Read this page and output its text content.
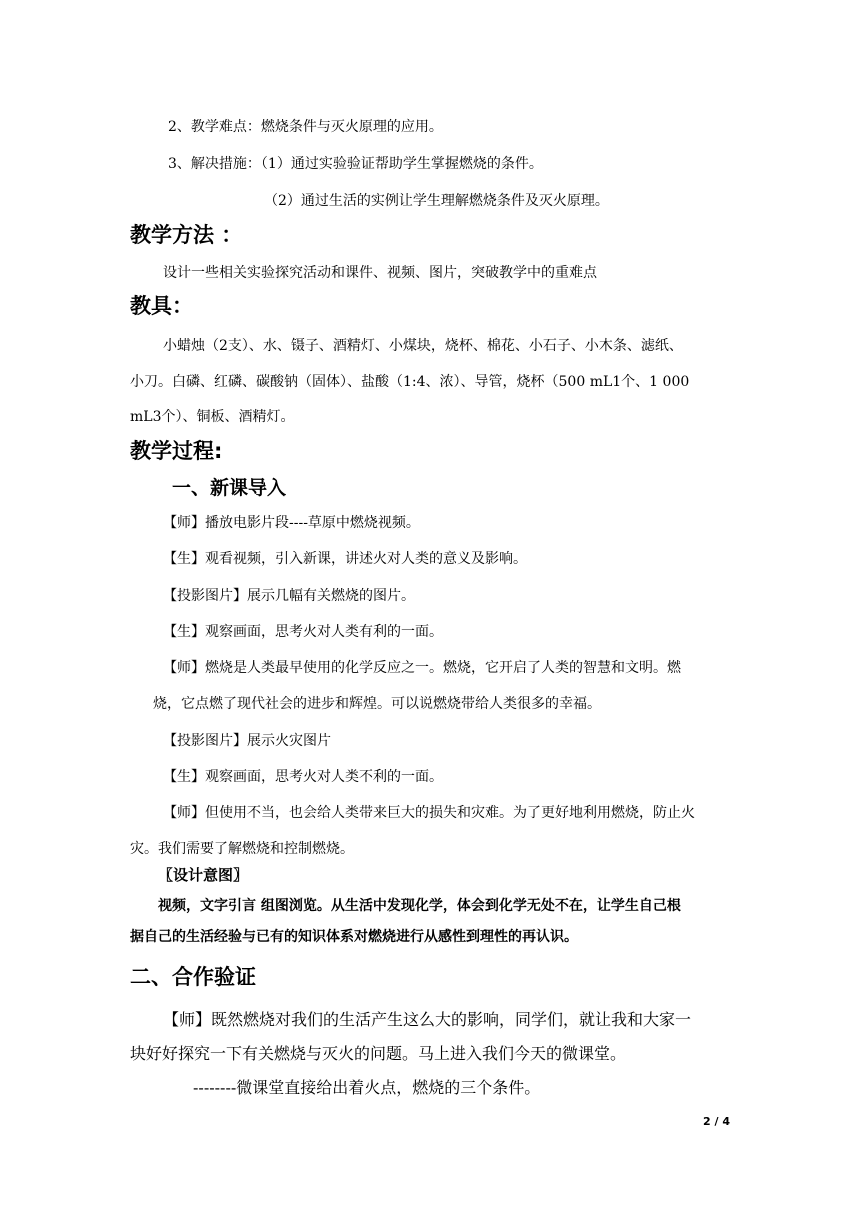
2、教学难点：燃烧条件与灭火原理的应用。
3、解决措施：（1）通过实验验证帮助学生掌握燃烧的条件。
（2）通过生活的实例让学生理解燃烧条件及灭火原理。
教学方法 ：
设计一些相关实验探究活动和课件、视频、图片，突破教学中的重难点
教具：
小蜡烛（2支）、水、镊子、酒精灯、小煤块，烧杯、棉花、小石子、小木条、滤纸、
小刀。白磷、红磷、碳酸钠（固体）、盐酸（1:4、浓）、导管，烧杯（500 mL1个、1 000
mL3个）、铜板、酒精灯。
教学过程:
一、新课导入
【师】播放电影片段----草原中燃烧视频。
【生】观看视频，引入新课，讲述火对人类的意义及影响。
【投影图片】展示几幅有关燃烧的图片。
【生】观察画面，思考火对人类有利的一面。
【师】燃烧是人类最早使用的化学反应之一。燃烧，它开启了人类的智慧和文明。燃
烧，它点燃了现代社会的进步和辉煌。可以说燃烧带给人类很多的幸福。
【投影图片】展示火灾图片
【生】观察画面，思考火对人类不利的一面。
【师】但使用不当，也会给人类带来巨大的损失和灾难。为了更好地利用燃烧，防止火
灾。我们需要了解燃烧和控制燃烧。
〖设计意图〗
视频，文字引言 组图浏览。从生活中发现化学，体会到化学无处不在，让学生自己根
据自己的生活经验与已有的知识体系对燃烧进行从感性到理性的再认识。
二、合作验证
【师】既然燃烧对我们的生活产生这么大的影响，同学们，就让我和大家一
块好好探究一下有关燃烧与灭火的问题。马上进入我们今天的微课堂。
--------微课堂直接给出着火点，燃烧的三个条件。
2 / 4
